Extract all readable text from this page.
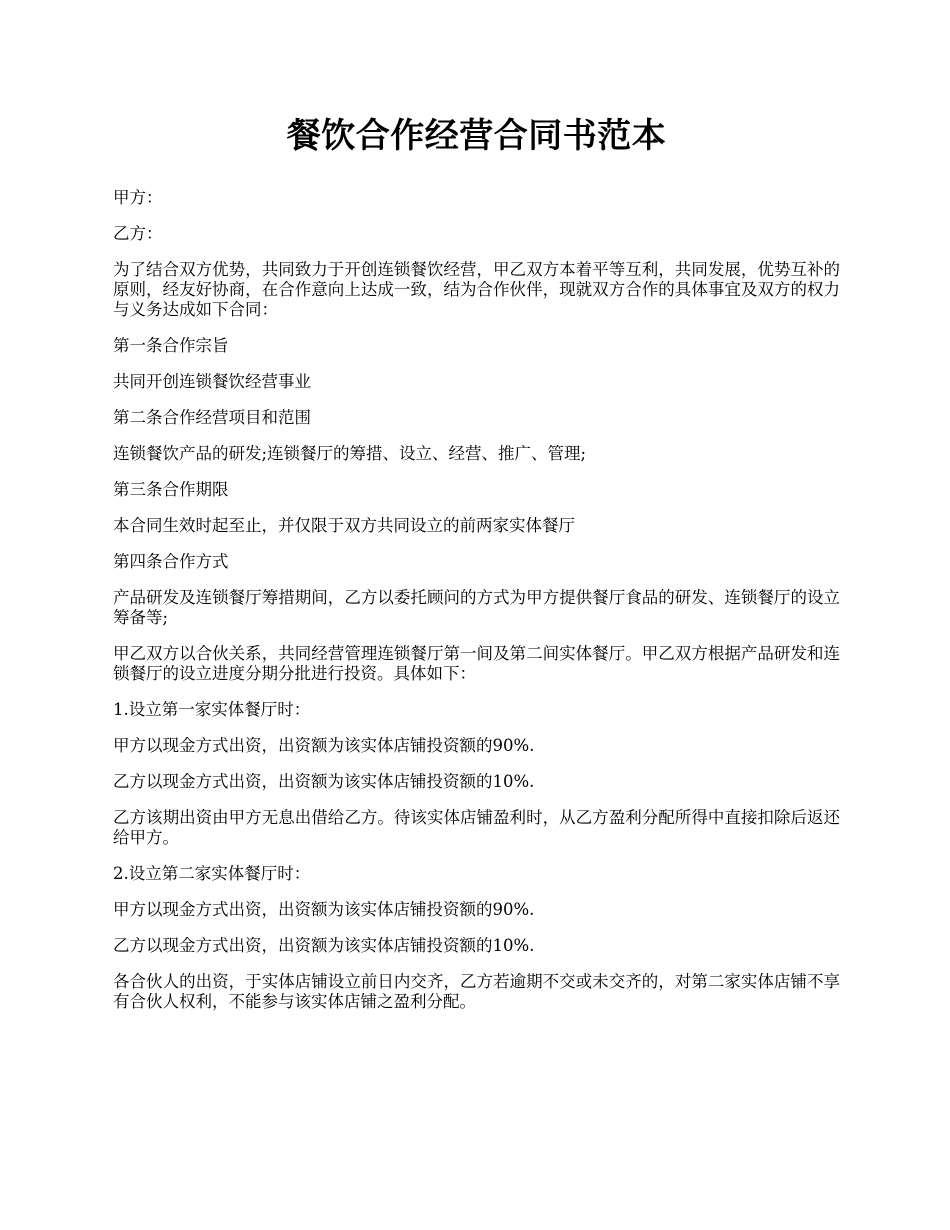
餐饮合作经营合同书范本

甲方：

乙方：

为了结合双方优势，共同致力于开创连锁餐饮经营，甲乙双方本着平等互利，共同发展，优势互补的原则，经友好协商，在合作意向上达成一致，结为合作伙伴，现就双方合作的具体事宜及双方的权力与义务达成如下合同：

第一条合作宗旨

共同开创连锁餐饮经营事业

第二条合作经营项目和范围

连锁餐饮产品的研发;连锁餐厅的筹措、设立、经营、推广、管理;

第三条合作期限

本合同生效时起至止，并仅限于双方共同设立的前两家实体餐厅

第四条合作方式

产品研发及连锁餐厅筹措期间，乙方以委托顾问的方式为甲方提供餐厅食品的研发、连锁餐厅的设立筹备等;

甲乙双方以合伙关系，共同经营管理连锁餐厅第一间及第二间实体餐厅。甲乙双方根据产品研发和连锁餐厅的设立进度分期分批进行投资。具体如下：

1.设立第一家实体餐厅时：

甲方以现金方式出资，出资额为该实体店铺投资额的90%.

乙方以现金方式出资，出资额为该实体店铺投资额的10%.

乙方该期出资由甲方无息出借给乙方。待该实体店铺盈利时，从乙方盈利分配所得中直接扣除后返还给甲方。

2.设立第二家实体餐厅时：

甲方以现金方式出资，出资额为该实体店铺投资额的90%.

乙方以现金方式出资，出资额为该实体店铺投资额的10%.

各合伙人的出资，于实体店铺设立前日内交齐，乙方若逾期不交或未交齐的，对第二家实体店铺不享有合伙人权利，不能参与该实体店铺之盈利分配。
